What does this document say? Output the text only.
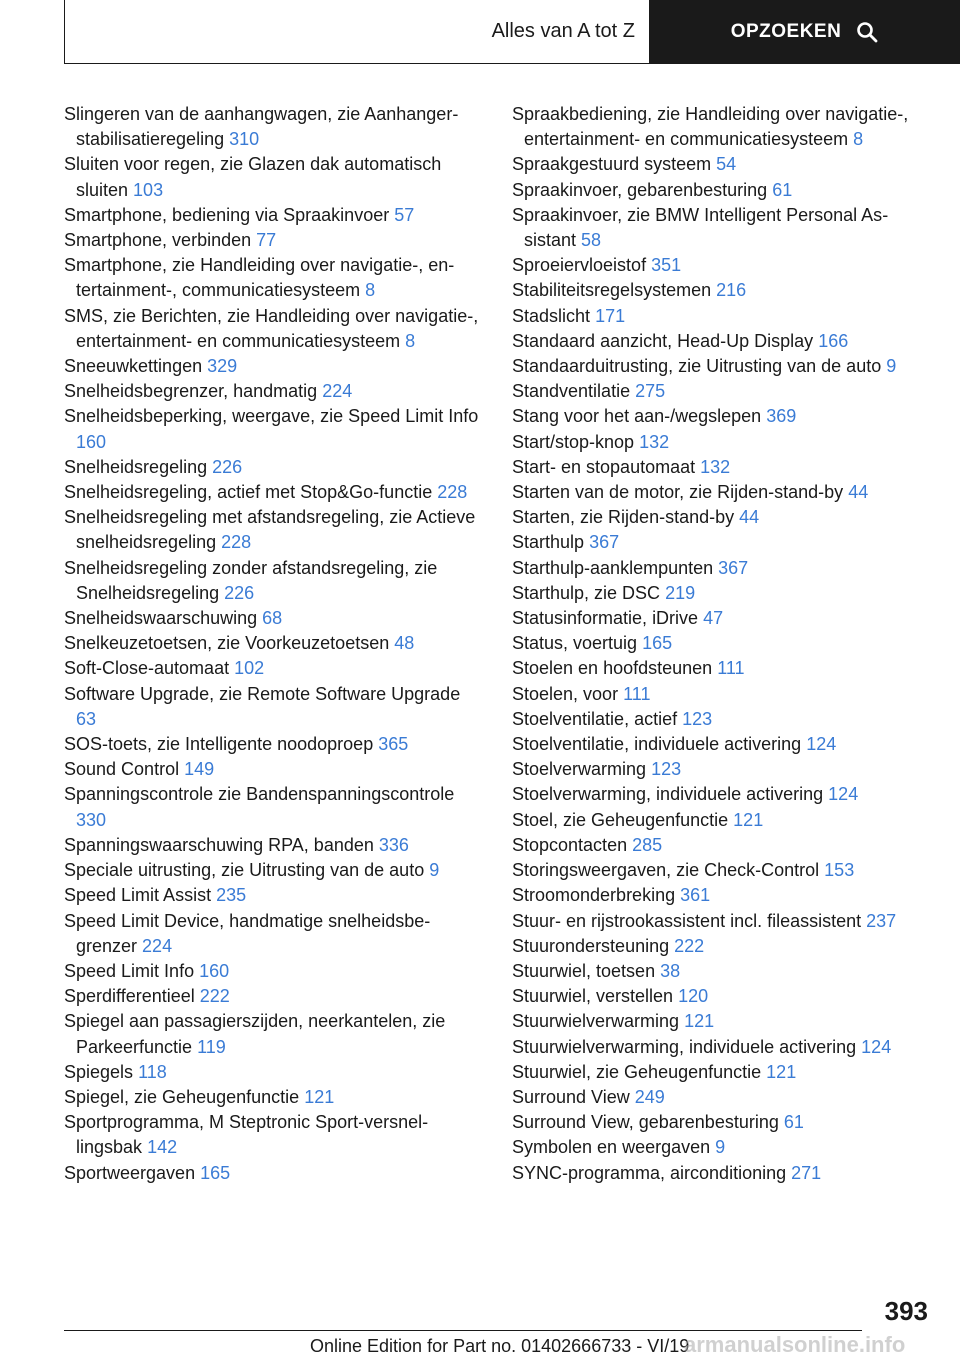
Alles van A tot Z	OPZOEKEN
Slingeren van de aanhangwagen, zie Aanhangerstabilisatieregeling 310
Sluiten voor regen, zie Glazen dak automatisch sluiten 103
Smartphone, bediening via Spraakinvoer 57
Smartphone, verbinden 77
Smartphone, zie Handleiding over navigatie-, entertainment-, communicatiesysteem 8
SMS, zie Berichten, zie Handleiding over navigatie-, entertainment- en communicatiesysteem 8
Sneeuwkettingen 329
Snelheidsbegrenzer, handmatig 224
Snelheidsbeperking, weergave, zie Speed Limit Info 160
Snelheidsregeling 226
Snelheidsregeling, actief met Stop&Go-functie 228
Snelheidsregeling met afstandsregeling, zie Actieve snelheidsregeling 228
Snelheidsregeling zonder afstandsregeling, zie Snelheidsregeling 226
Snelheidswaarschuwing 68
Snelkeuzetoetsen, zie Voorkeuzetoetsen 48
Soft-Close-automaat 102
Software Upgrade, zie Remote Software Upgrade 63
SOS-toets, zie Intelligente noodoproep 365
Sound Control 149
Spanningscontrole zie Bandenspanningscontrole 330
Spanningswaarschuwing RPA, banden 336
Speciale uitrusting, zie Uitrusting van de auto 9
Speed Limit Assist 235
Speed Limit Device, handmatige snelheidsbegrenzer 224
Speed Limit Info 160
Sperdifferentieel 222
Spiegel aan passagierszijden, neerkantelen, zie Parkeerfunctie 119
Spiegels 118
Spiegel, zie Geheugenfunctie 121
Sportprogramma, M Steptronic Sport-versnellingsbak 142
Sportweergaven 165
Spraakbediening, zie Handleiding over navigatie-, entertainment- en communicatiesysteem 8
Spraakgestuurd systeem 54
Spraakinvoer, gebarenbesturing 61
Spraakinvoer, zie BMW Intelligent Personal Assistant 58
Sproeiervloeistof 351
Stabiliteitsregelsystemen 216
Stadslicht 171
Standaard aanzicht, Head-Up Display 166
Standaarduitrusting, zie Uitrusting van de auto 9
Standventilatie 275
Stang voor het aan-/wegslepen 369
Start/stop-knop 132
Start- en stopautomaat 132
Starten van de motor, zie Rijden-stand-by 44
Starten, zie Rijden-stand-by 44
Starthulp 367
Starthulp-aanklempunten 367
Starthulp, zie DSC 219
Statusinformatie, iDrive 47
Status, voertuig 165
Stoelen en hoofdsteunen 111
Stoelen, voor 111
Stoelventilatie, actief 123
Stoelventilatie, individuele activering 124
Stoelverwarming 123
Stoelverwarming, individuele activering 124
Stoel, zie Geheugenfunctie 121
Stopcontacten 285
Storingsweergaven, zie Check-Control 153
Stroomonderbreking 361
Stuur- en rijstrookassistent incl. fileassistent 237
Stuurondersteuning 222
Stuurwiel, toetsen 38
Stuurwiel, verstellen 120
Stuurwielverwarming 121
Stuurwielverwarming, individuele activering 124
Stuurwiel, zie Geheugenfunctie 121
Surround View 249
Surround View, gebarenbesturing 61
Symbolen en weergaven 9
SYNC-programma, airconditioning 271
393
Online Edition for Part no. 01402666733 - VI/19
armanualsonline.info
